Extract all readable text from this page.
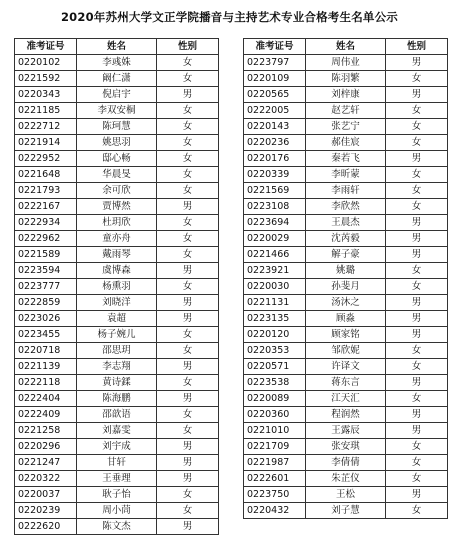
2020年苏州大学文正学院播音与主持艺术专业合格考生名单公示
准考证号	姓名	性别
0220102	李彧姝	女
0221592	阚仁潇	女
0220343	倪启宇	男
0221185	李双安桐	女
0222712	陈珂慧	女
0221914	姚思羽	女
0222952	邸心畅	女
0221648	华晨旻	女
0221793	余可欣	女
0222167	贾博然	男
0222934	杜玥欣	女
0222962	童亦舟	女
0221589	戴雨琴	女
0223594	虞博森	男
0223777	杨熏羽	女
0222859	刘晓洋	男
0223026	袁超	男
0223455	杨子婉儿	女
0220718	邵思玥	女
0221139	李志翔	男
0222118	黄诗鍒	女
0222404	陈海鹏	男
0222409	邵歆语	女
0221258	刘嘉雯	女
0220296	刘宇成	男
0221247	甘轩	男
0220322	王垂理	男
0220037	耿子怡	女
0220239	周小茼	女
0222620	陈文杰	男
准考证号	姓名	性别
0223797	周伟业	男
0220109	陈羽繁	女
0220565	刘梓康	男
0222005	赵艺轩	女
0220143	张艺宁	女
0220236	郝佳宸	女
0220176	秦若飞	男
0220339	李昕蒙	女
0221569	李雨轩	女
0223108	李欣然	女
0223694	王晨杰	男
0220029	沈芮毅	男
0221466	解子豪	男
0223921	姚璐	女
0220030	孙斐月	女
0221131	汤沐之	男
0223135	顾淼	男
0220120	顾家铭	男
0220353	邹欣妮	女
0220571	许译文	女
0223538	蒋东言	男
0220089	江天汇	女
0220360	程润然	男
0221010	王露辰	男
0221709	张安琪	女
0221987	李倩倩	女
0222601	朱芷仪	女
0223750	王松	男
0220432	刘子慧	女
